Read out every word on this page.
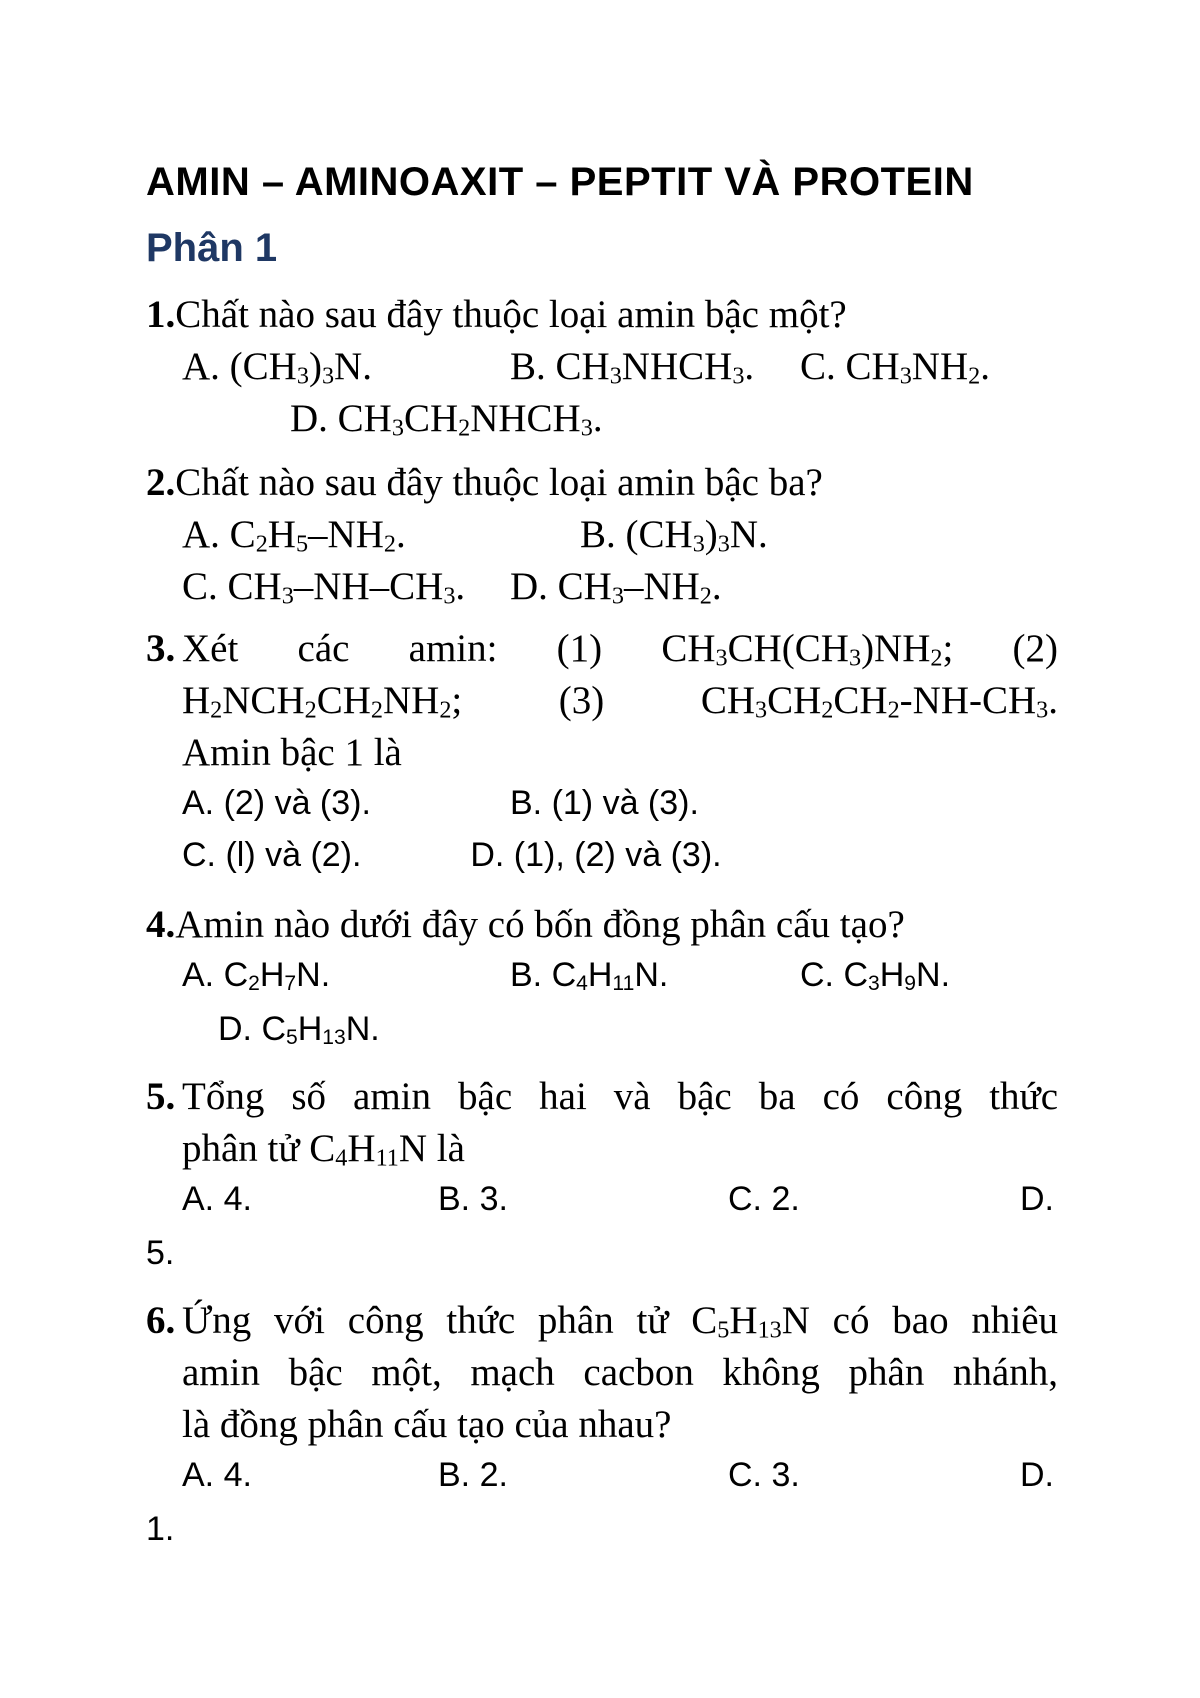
AMIN – AMINOAXIT – PEPTIT VÀ PROTEIN
Phân 1
1.Chất nào sau đây thuộc loại amin bậc một?
A. $(CH_3)_3N$.	B. $CH_3NHCH_3$. C. $CH_3NH_2$.
D. $CH_3CH_2NHCH_3$.
2.Chất nào sau đây thuộc loại amin bậc ba?
A. $C_2H_5-NH_2$.	B. $(CH_3)_3N$.
C. $CH_3-NH-CH_3$. D. $CH_3-NH_2$.
3. Xét các amin: (1) $CH_3CH(CH_3)NH_2$; (2)
$H_2NCH_2CH_2NH_2$; (3) $CH_3CH_2CH_2-NH-CH_3$.
Amin bậc 1 là
A. (2) và (3).	B. (1) và (3).
C. (l) và (2).	D. (1), (2) và (3).
4.Amin nào dưới đây có bốn đồng phân cấu tạo?
A. $C_2H_7N$.	B. $C_4H_{11}N$.	C. $C_3H_9N$.
D. $C_5H_{13}N$.
5. Tổng số amin bậc hai và bậc ba có công thức
phân tử $C_4H_{11}N$ là
A. 4.	B. 3.	C. 2.	D.
5.
6. Ứng với công thức phân tử $C_5H_{13}N$ có bao nhiêu
amin bậc một, mạch cacbon không phân nhánh,
là đồng phân cấu tạo của nhau?
A. 4.	B. 2.	C. 3.	D.
1.
